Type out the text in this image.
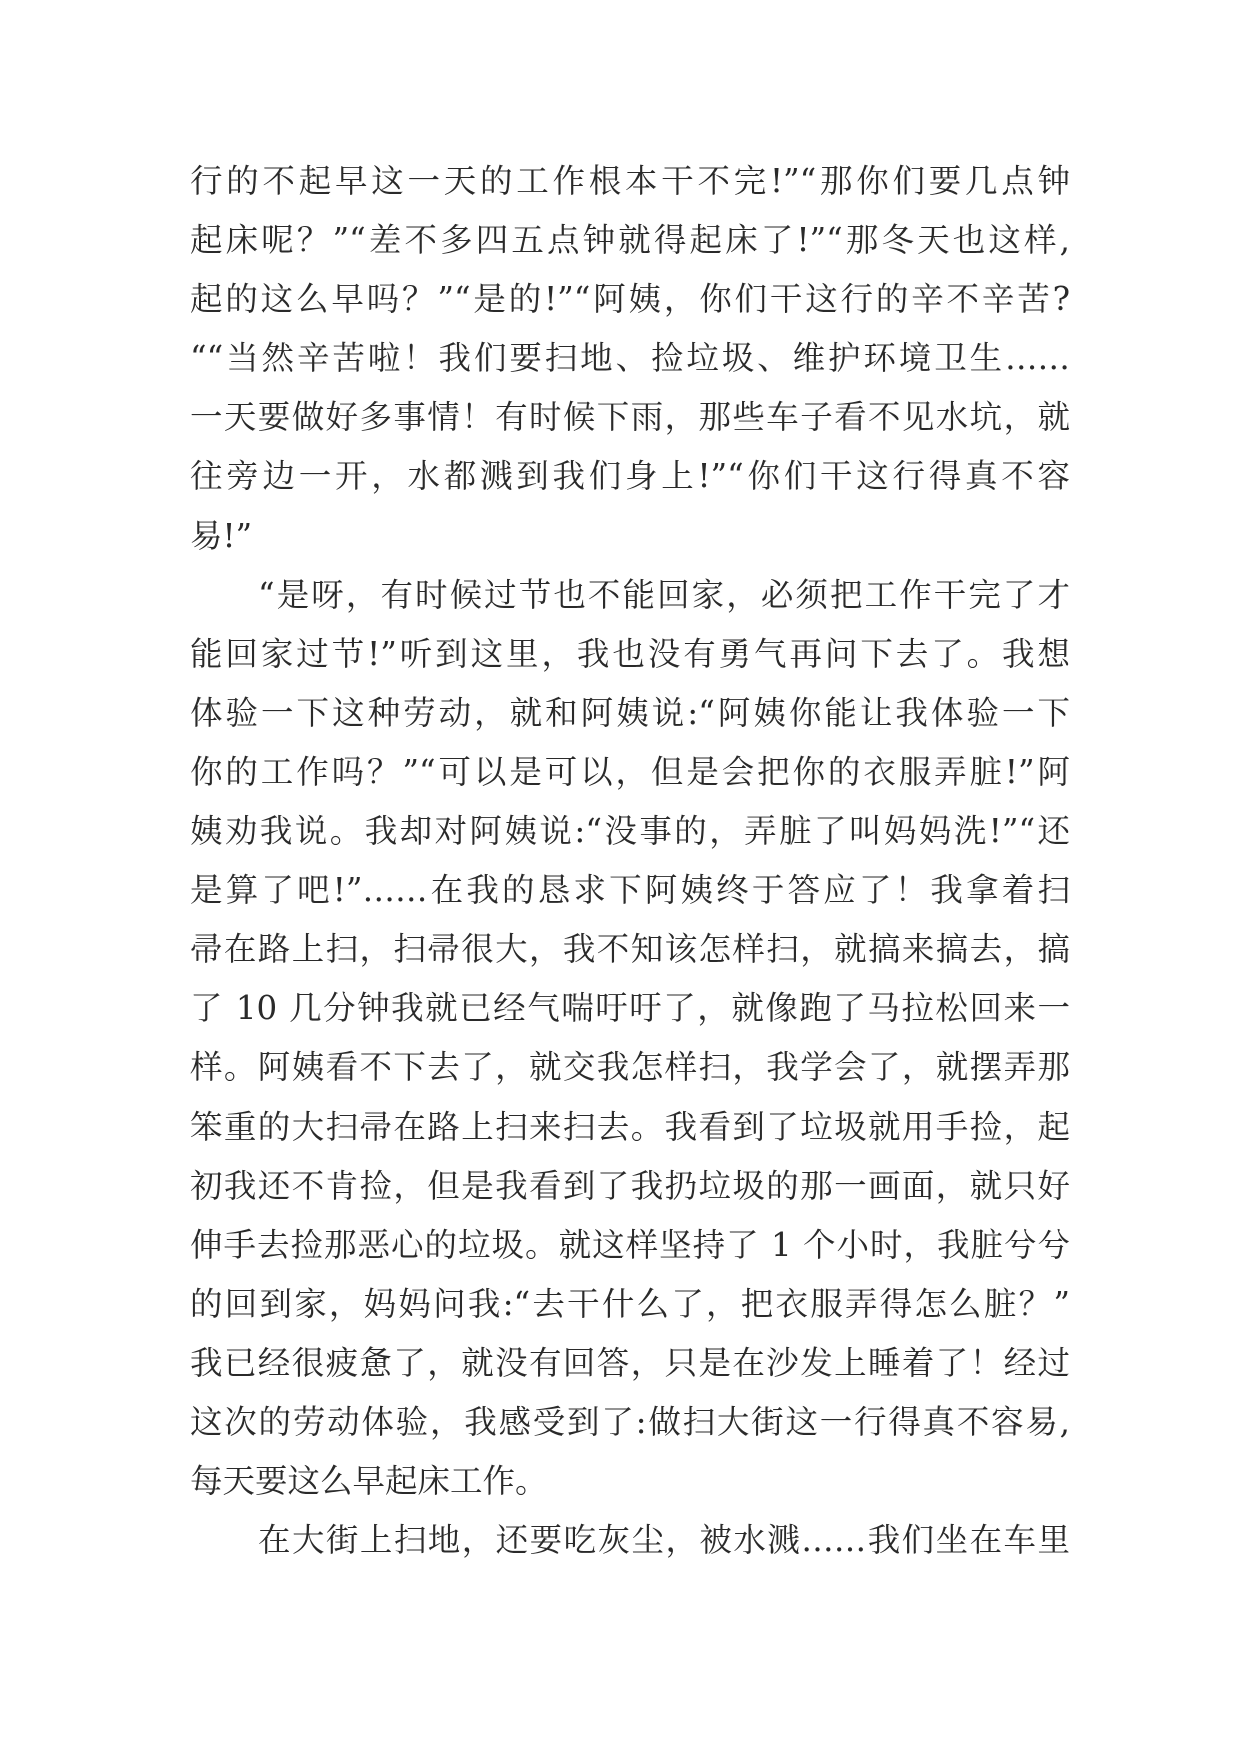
行的不起早这一天的工作根本干不完!”“那你们要几点钟
起床呢？”“差不多四五点钟就得起床了!”“那冬天也这样,
起的这么早吗？”“是的!”“阿姨，你们干这行的辛不辛苦?
““当然辛苦啦！我们要扫地、捡垃圾、维护环境卫生……
一天要做好多事情！有时候下雨，那些车子看不见水坑，就
往旁边一开，水都溅到我们身上!”“你们干这行得真不容
易!”
“是呀，有时候过节也不能回家，必须把工作干完了才
能回家过节!”听到这里，我也没有勇气再问下去了。我想
体验一下这种劳动，就和阿姨说:“阿姨你能让我体验一下
你的工作吗？”“可以是可以，但是会把你的衣服弄脏!”阿
姨劝我说。我却对阿姨说:“没事的，弄脏了叫妈妈洗!”“还
是算了吧!”……在我的恳求下阿姨终于答应了！我拿着扫
帚在路上扫，扫帚很大，我不知该怎样扫，就搞来搞去，搞
了 10 几分钟我就已经气喘吁吁了，就像跑了马拉松回来一
样。阿姨看不下去了，就交我怎样扫，我学会了，就摆弄那
笨重的大扫帚在路上扫来扫去。我看到了垃圾就用手捡，起
初我还不肯捡，但是我看到了我扔垃圾的那一画面，就只好
伸手去捡那恶心的垃圾。就这样坚持了 1 个小时，我脏兮兮
的回到家，妈妈问我:“去干什么了，把衣服弄得怎么脏？”
我已经很疲惫了，就没有回答，只是在沙发上睡着了！经过
这次的劳动体验，我感受到了:做扫大街这一行得真不容易,
每天要这么早起床工作。
在大街上扫地，还要吃灰尘，被水溅……我们坐在车里
